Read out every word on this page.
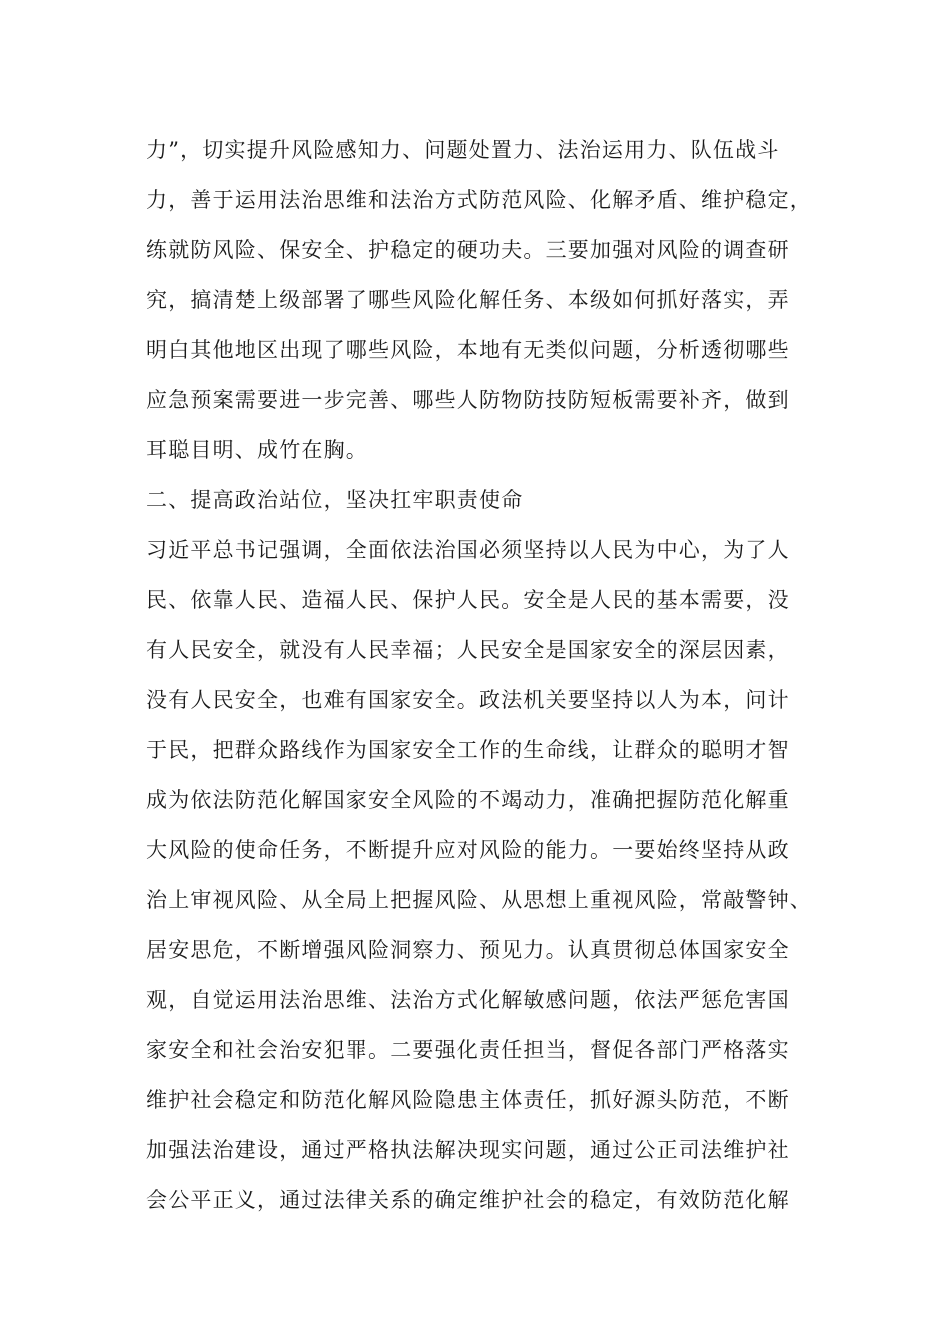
力”，切实提升风险感知力、问题处置力、法治运用力、队伍战斗
力，善于运用法治思维和法治方式防范风险、化解矛盾、维护稳定，
练就防风险、保安全、护稳定的硬功夫。三要加强对风险的调查研
究，搞清楚上级部署了哪些风险化解任务、本级如何抓好落实，弄
明白其他地区出现了哪些风险，本地有无类似问题，分析透彻哪些
应急预案需要进一步完善、哪些人防物防技防短板需要补齐，做到
耳聪目明、成竹在胸。
二、提高政治站位，坚决扛牢职责使命
习近平总书记强调，全面依法治国必须坚持以人民为中心，为了人
民、依靠人民、造福人民、保护人民。安全是人民的基本需要，没
有人民安全，就没有人民幸福；人民安全是国家安全的深层因素，
没有人民安全，也难有国家安全。政法机关要坚持以人为本，问计
于民，把群众路线作为国家安全工作的生命线，让群众的聪明才智
成为依法防范化解国家安全风险的不竭动力，准确把握防范化解重
大风险的使命任务，不断提升应对风险的能力。一要始终坚持从政
治上审视风险、从全局上把握风险、从思想上重视风险，常敲警钟、
居安思危，不断增强风险洞察力、预见力。认真贯彻总体国家安全
观，自觉运用法治思维、法治方式化解敏感问题，依法严惩危害国
家安全和社会治安犯罪。二要强化责任担当，督促各部门严格落实
维护社会稳定和防范化解风险隐患主体责任，抓好源头防范，不断
加强法治建设，通过严格执法解决现实问题，通过公正司法维护社
会公平正义，通过法律关系的确定维护社会的稳定，有效防范化解
